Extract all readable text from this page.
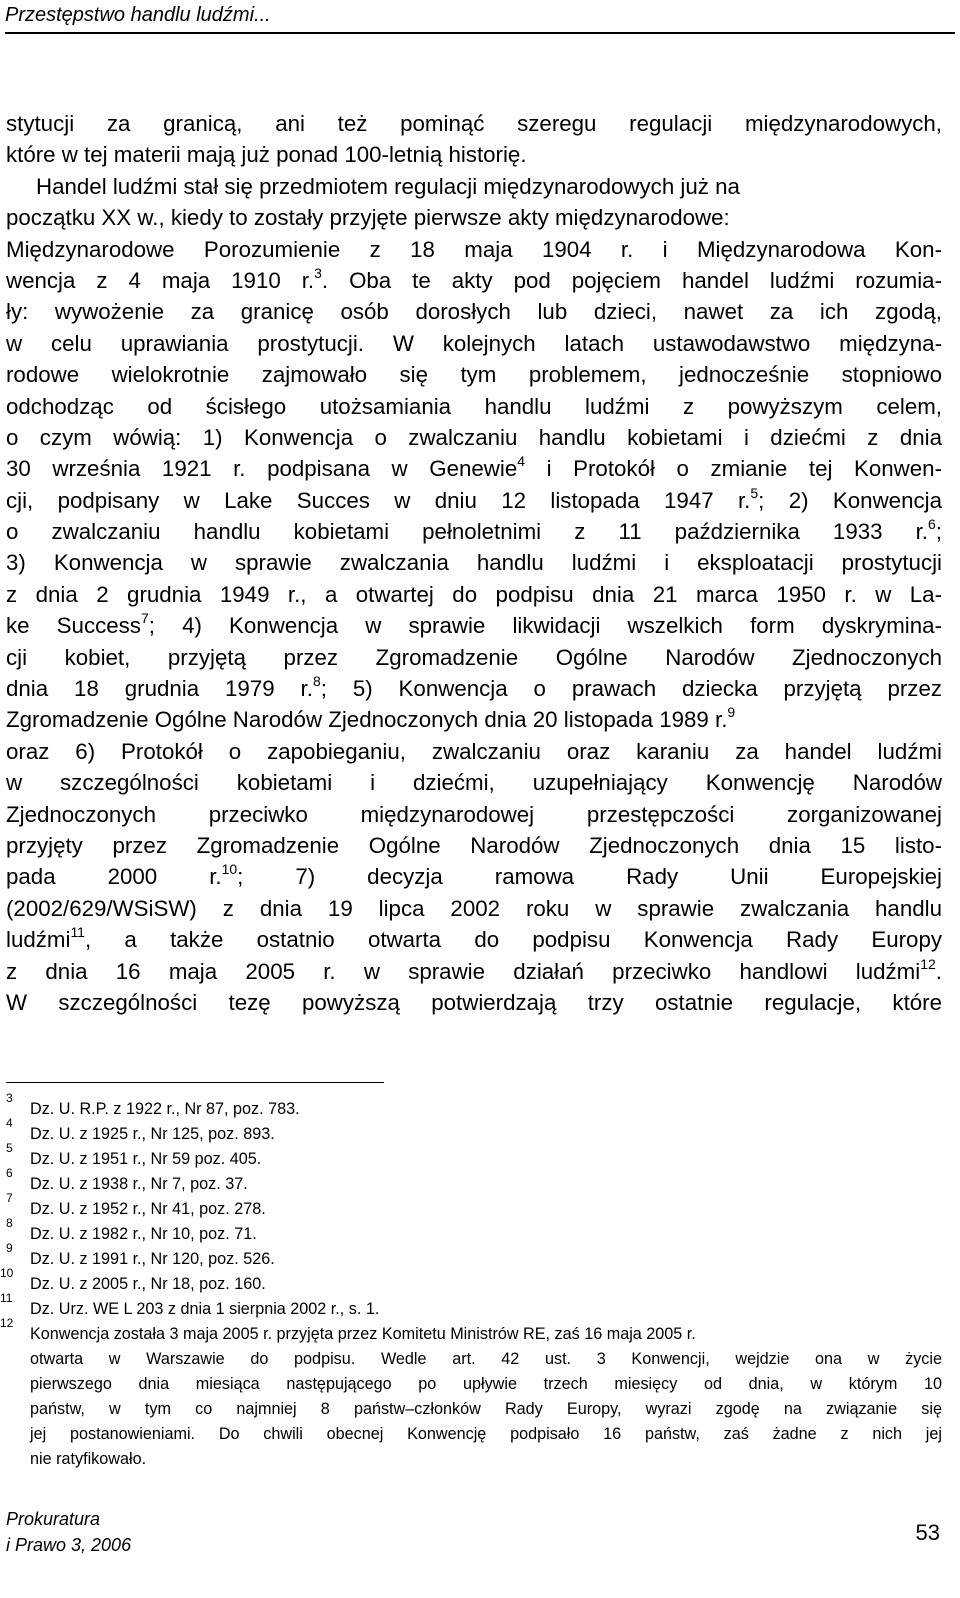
Przestępstwo handlu ludźmi...
stytucji za granicą, ani też pominąć szeregu regulacji międzynarodowych,
które w tej materii mają już ponad 100-letnią historię.
Handel ludźmi stał się przedmiotem regulacji międzynarodowych już na
początku XX w., kiedy to zostały przyjęte pierwsze akty międzynarodowe:
Międzynarodowe Porozumienie z 18 maja 1904 r. i Międzynarodowa Kon-
wencja z 4 maja 1910 r.$^3$. Oba te akty pod pojęciem handel ludźmi rozumia-
ły: wywożenie za granicę osób dorosłych lub dzieci, nawet za ich zgodą,
w celu uprawiania prostytucji. W kolejnych latach ustawodawstwo międzyna-
rodowe wielokrotnie zajmowało się tym problemem, jednocześnie stopniowo
odchodząc od ścisłego utożsamiania handlu ludźmi z powyższym celem,
o czym wówią: 1) Konwencja o zwalczaniu handlu kobietami i dziećmi z dnia
30 września 1921 r. podpisana w Genewie$^4$ i Protokół o zmianie tej Konwen-
cji, podpisany w Lake Succes w dniu 12 listopada 1947 r.$^5$; 2) Konwencja
o zwalczaniu handlu kobietami pełnoletnimi z 11 października 1933 r.$^6$;
3) Konwencja w sprawie zwalczania handlu ludźmi i eksploatacji prostytucji
z dnia 2 grudnia 1949 r., a otwartej do podpisu dnia 21 marca 1950 r. w La-
ke Success$^7$; 4) Konwencja w sprawie likwidacji wszelkich form dyskrymina-
cji kobiet, przyjętą przez Zgromadzenie Ogólne Narodów Zjednoczonych
dnia 18 grudnia 1979 r.$^8$; 5) Konwencja o prawach dziecka przyjętą przez
Zgromadzenie Ogólne Narodów Zjednoczonych dnia 20 listopada 1989 r.$^9$
oraz 6) Protokół o zapobieganiu, zwalczaniu oraz karaniu za handel ludźmi
w szczególności kobietami i dziećmi, uzupełniający Konwencję Narodów
Zjednoczonych przeciwko międzynarodowej przestępczości zorganizowanej
przyjęty przez Zgromadzenie Ogólne Narodów Zjednoczonych dnia 15 listo-
pada 2000 r.$^{10}$; 7) decyzja ramowa Rady Unii Europejskiej
(2002/629/WSiSW) z dnia 19 lipca 2002 roku w sprawie zwalczania handlu
ludźmi$^{11}$, a także ostatnio otwarta do podpisu Konwencja Rady Europy
z dnia 16 maja 2005 r. w sprawie działań przeciwko handlowi ludźmi$^{12}$.
W szczególności tezę powyższą potwierdzają trzy ostatnie regulacje, które
3
Dz. U. R.P. z 1922 r., Nr 87, poz. 783.
4
Dz. U. z 1925 r., Nr 125, poz. 893.
5
Dz. U. z 1951 r., Nr 59 poz. 405.
6
Dz. U. z 1938 r., Nr 7, poz. 37.
7
Dz. U. z 1952 r., Nr 41, poz. 278.
8
Dz. U. z 1982 r., Nr 10, poz. 71.
9
Dz. U. z 1991 r., Nr 120, poz. 526.
10
Dz. U. z 2005 r., Nr 18, poz. 160.
11
Dz. Urz. WE L 203 z dnia 1 sierpnia 2002 r., s. 1.
12
Konwencja została 3 maja 2005 r. przyjęta przez Komitetu Ministrów RE, zaś 16 maja 2005 r.
otwarta w Warszawie do podpisu. Wedle art. 42 ust. 3 Konwencji, wejdzie ona w życie
pierwszego dnia miesiąca następującego po upływie trzech miesięcy od dnia, w którym 10
państw, w tym co najmniej 8 państw–członków Rady Europy, wyrazi zgodę na związanie się
jej postanowieniami. Do chwili obecnej Konwencję podpisało 16 państw, zaś żadne z nich jej
nie ratyfikowało.
Prokuratura
i Prawo 3, 2006	53
